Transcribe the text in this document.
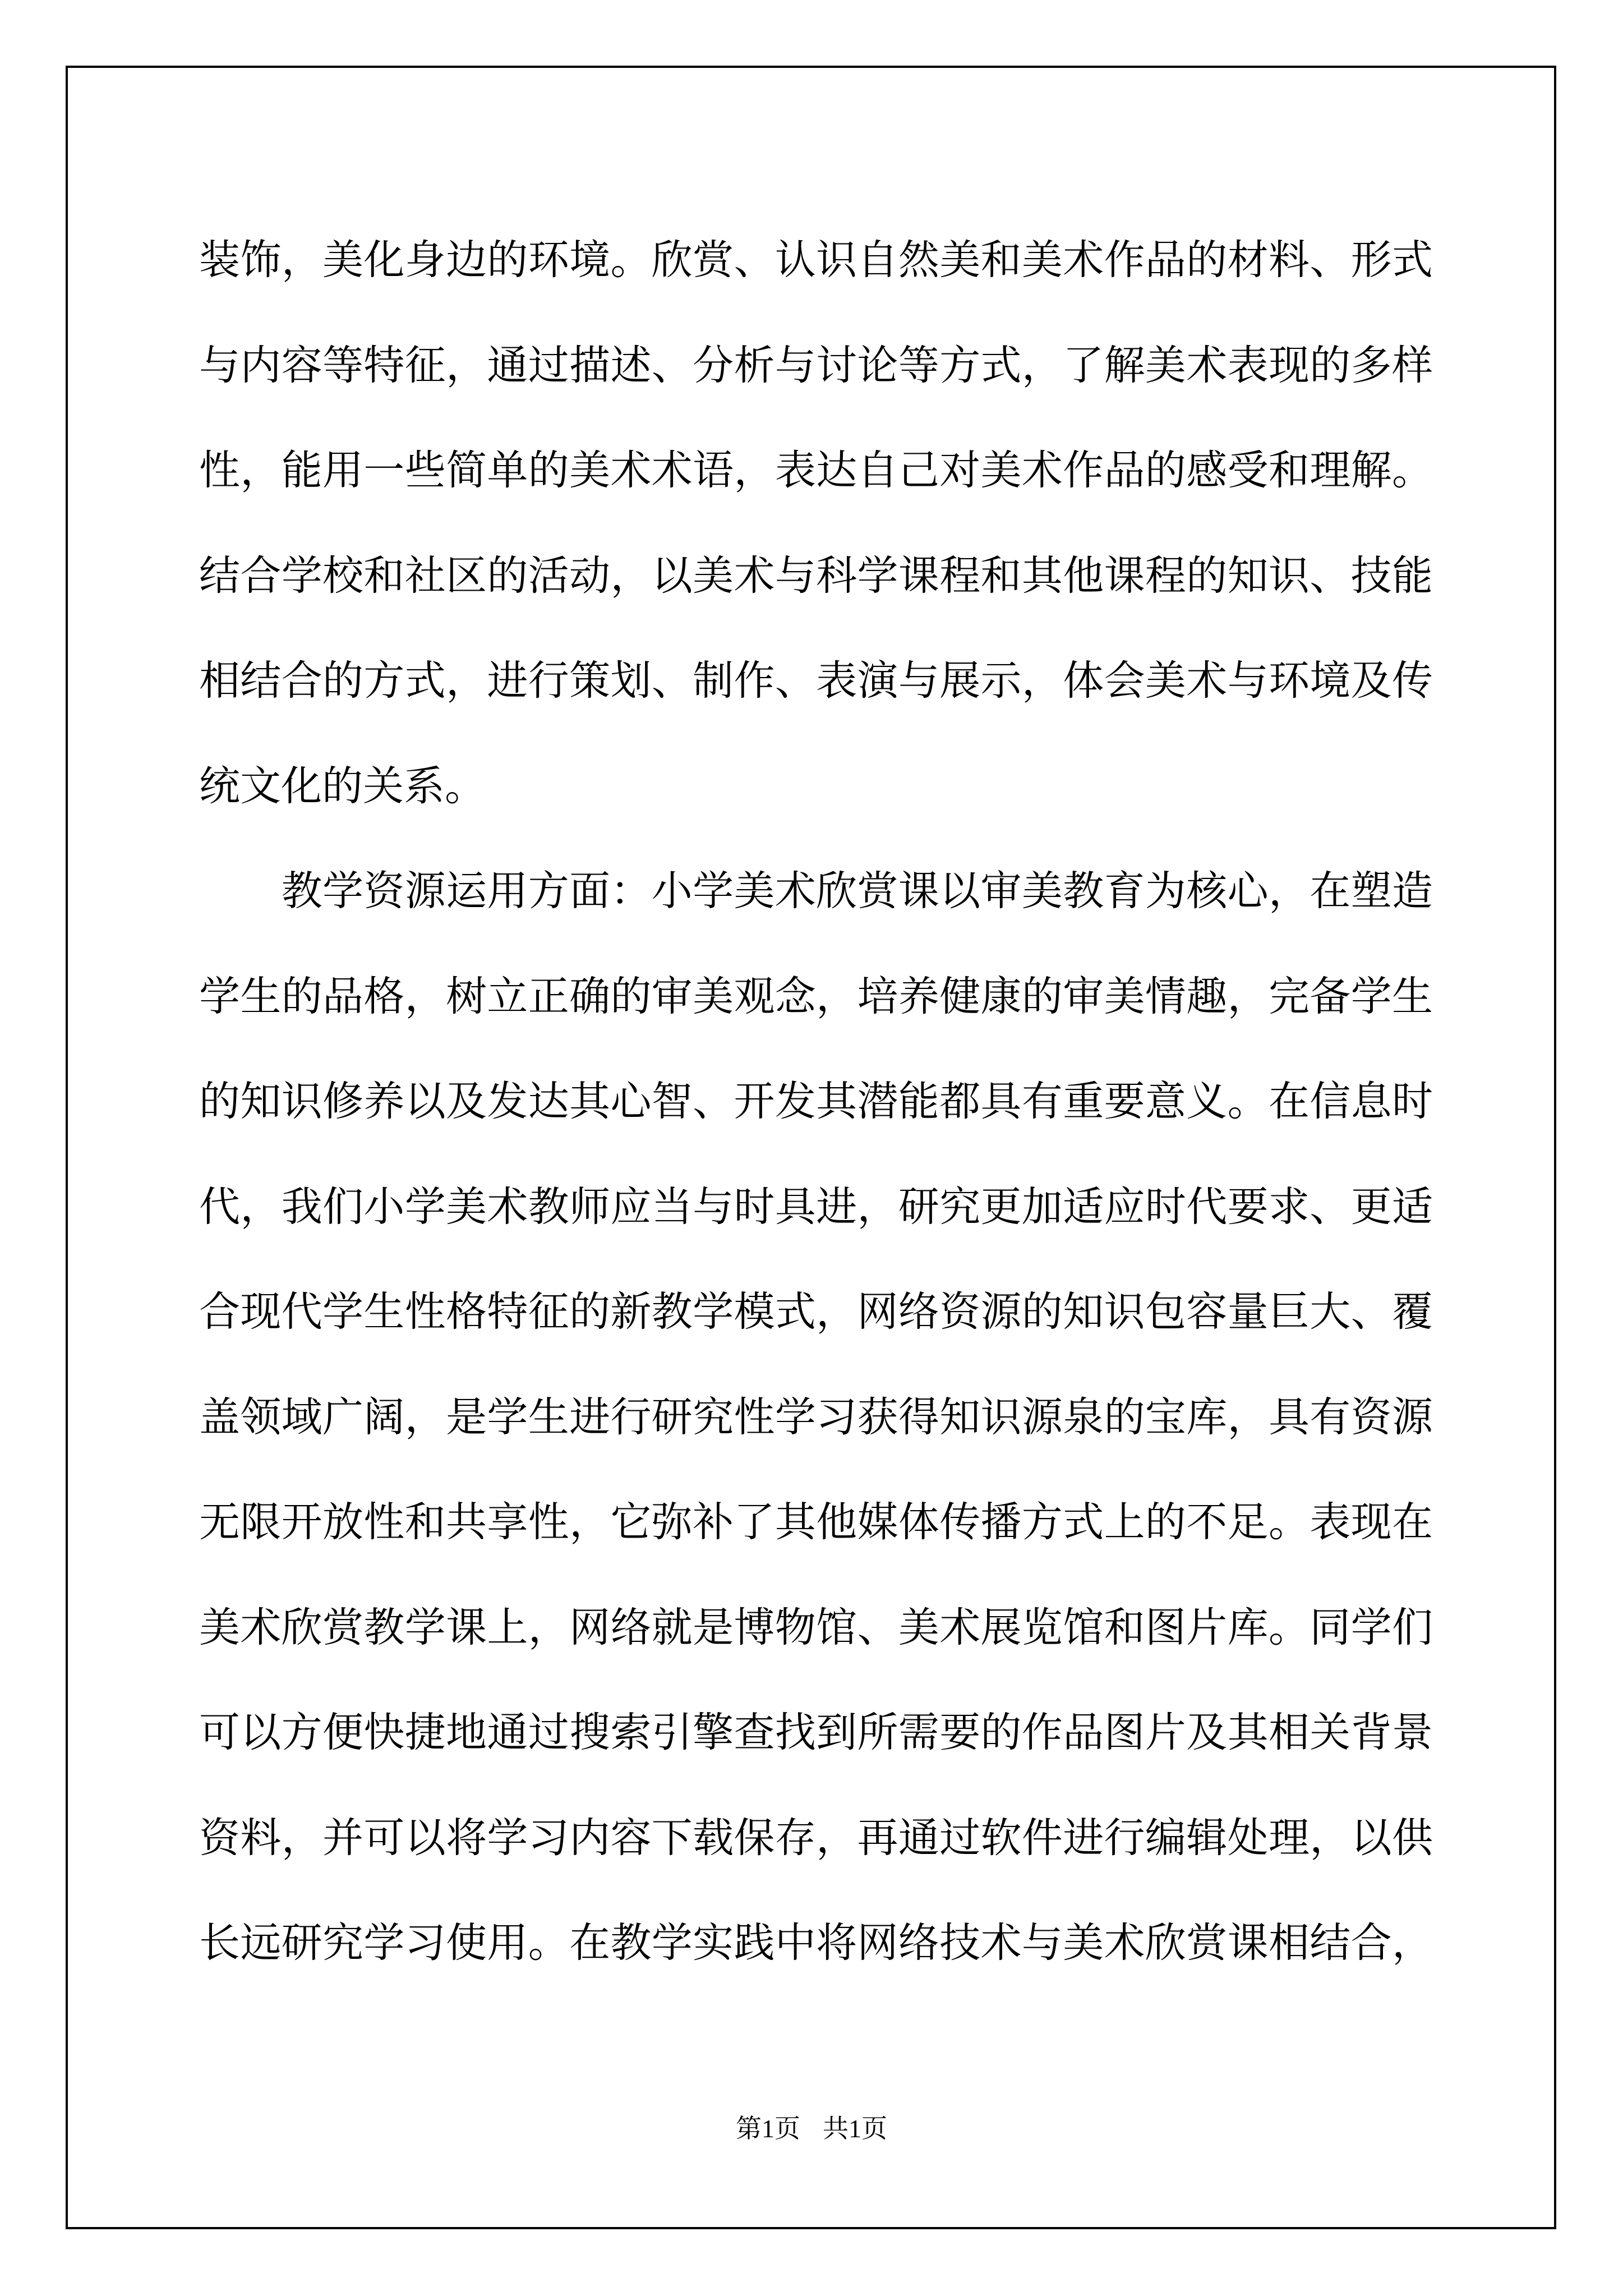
装饰，美化身边的环境。欣赏、认识自然美和美术作品的材料、形式
与内容等特征，通过描述、分析与讨论等方式，了解美术表现的多样
性，能用一些简单的美术术语，表达自己对美术作品的感受和理解。
结合学校和社区的活动，以美术与科学课程和其他课程的知识、技能
相结合的方式，进行策划、制作、表演与展示，体会美术与环境及传
统文化的关系。
　　教学资源运用方面：小学美术欣赏课以审美教育为核心，在塑造
学生的品格，树立正确的审美观念，培养健康的审美情趣，完备学生
的知识修养以及发达其心智、开发其潜能都具有重要意义。在信息时
代，我们小学美术教师应当与时具进，研究更加适应时代要求、更适
合现代学生性格特征的新教学模式，网络资源的知识包容量巨大、覆
盖领域广阔，是学生进行研究性学习获得知识源泉的宝库，具有资源
无限开放性和共享性，它弥补了其他媒体传播方式上的不足。表现在
美术欣赏教学课上，网络就是博物馆、美术展览馆和图片库。同学们
可以方便快捷地通过搜索引擎查找到所需要的作品图片及其相关背景
资料，并可以将学习内容下载保存，再通过软件进行编辑处理，以供
长远研究学习使用。在教学实践中将网络技术与美术欣赏课相结合，
第1页 共1页
